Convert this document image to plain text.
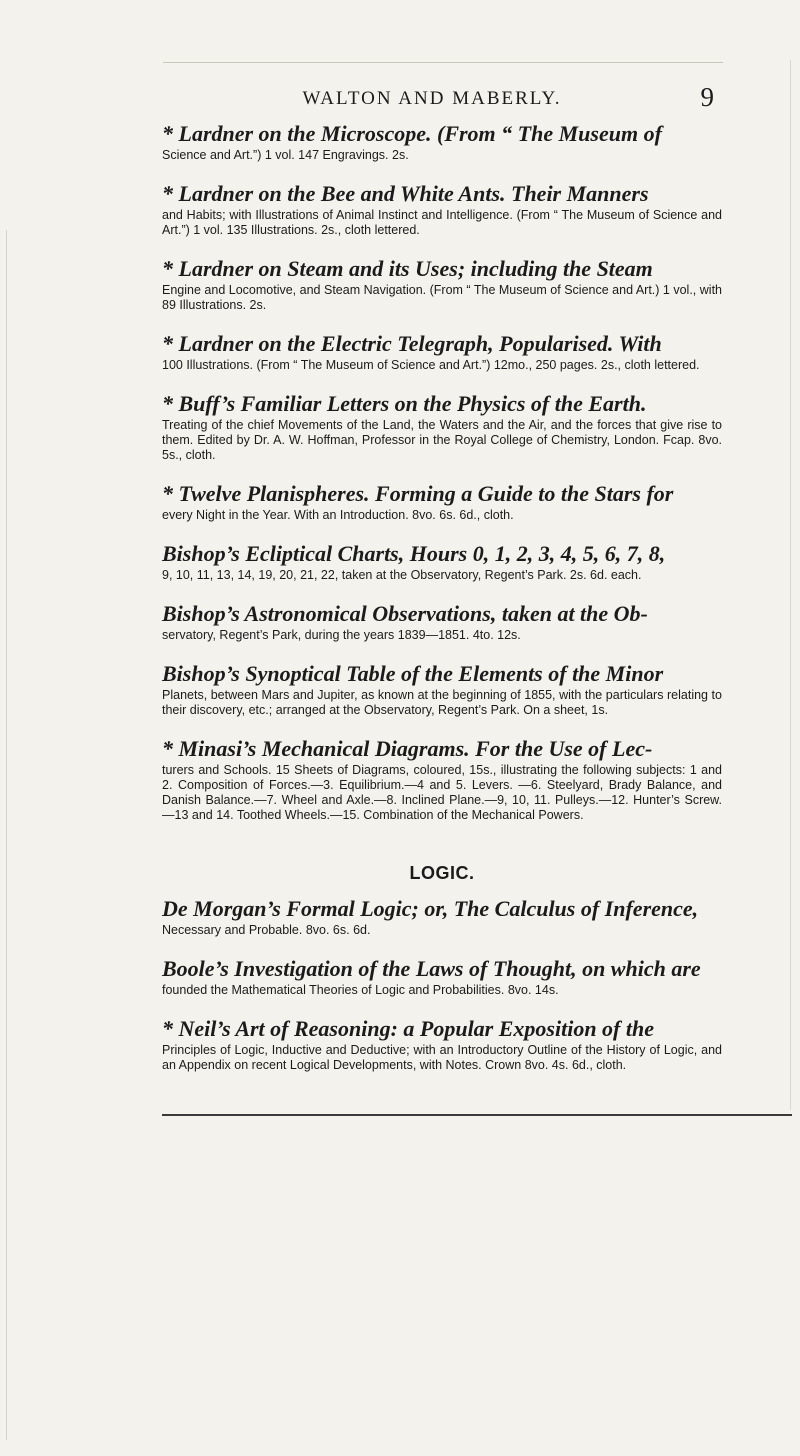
WALTON AND MABERLY.	9
* Lardner on the Microscope. (From “ The Museum of
Science and Art.”) 1 vol. 147 Engravings. 2s.
* Lardner on the Bee and White Ants. Their Manners
and Habits; with Illustrations of Animal Instinct and Intelligence. (From “ The Museum of Science and Art.”) 1 vol. 135 Illustrations. 2s., cloth lettered.
* Lardner on Steam and its Uses; including the Steam
Engine and Locomotive, and Steam Navigation. (From “ The Museum of Science and Art.) 1 vol., with 89 Illustrations. 2s.
* Lardner on the Electric Telegraph, Popularised. With
100 Illustrations. (From “ The Museum of Science and Art.”) 12mo., 250 pages. 2s., cloth lettered.
* Buff’s Familiar Letters on the Physics of the Earth.
Treating of the chief Movements of the Land, the Waters and the Air, and the forces that give rise to them. Edited by Dr. A. W. Hoffman, Professor in the Royal College of Chemistry, London. Fcap. 8vo. 5s., cloth.
* Twelve Planispheres. Forming a Guide to the Stars for
every Night in the Year. With an Introduction. 8vo. 6s. 6d., cloth.
Bishop’s Ecliptical Charts, Hours 0, 1, 2, 3, 4, 5, 6, 7, 8,
9, 10, 11, 13, 14, 19, 20, 21, 22, taken at the Observatory, Regent’s Park. 2s. 6d. each.
Bishop’s Astronomical Observations, taken at the Ob-
servatory, Regent’s Park, during the years 1839—1851. 4to. 12s.
Bishop’s Synoptical Table of the Elements of the Minor
Planets, between Mars and Jupiter, as known at the beginning of 1855, with the particulars relating to their discovery, etc.; arranged at the Observatory, Regent’s Park. On a sheet, 1s.
* Minasi’s Mechanical Diagrams. For the Use of Lec-
turers and Schools. 15 Sheets of Diagrams, coloured, 15s., illustrating the following subjects: 1 and 2. Composition of Forces.—3. Equilibrium.—4 and 5. Levers. —6. Steelyard, Brady Balance, and Danish Balance.—7. Wheel and Axle.—8. Inclined Plane.—9, 10, 11. Pulleys.—12. Hunter’s Screw.—13 and 14. Toothed Wheels.—15. Combination of the Mechanical Powers.
LOGIC.
De Morgan’s Formal Logic; or, The Calculus of Inference,
Necessary and Probable. 8vo. 6s. 6d.
Boole’s Investigation of the Laws of Thought, on which are
founded the Mathematical Theories of Logic and Probabilities. 8vo. 14s.
* Neil’s Art of Reasoning: a Popular Exposition of the
Principles of Logic, Inductive and Deductive; with an Introductory Outline of the History of Logic, and an Appendix on recent Logical Developments, with Notes. Crown 8vo. 4s. 6d., cloth.
